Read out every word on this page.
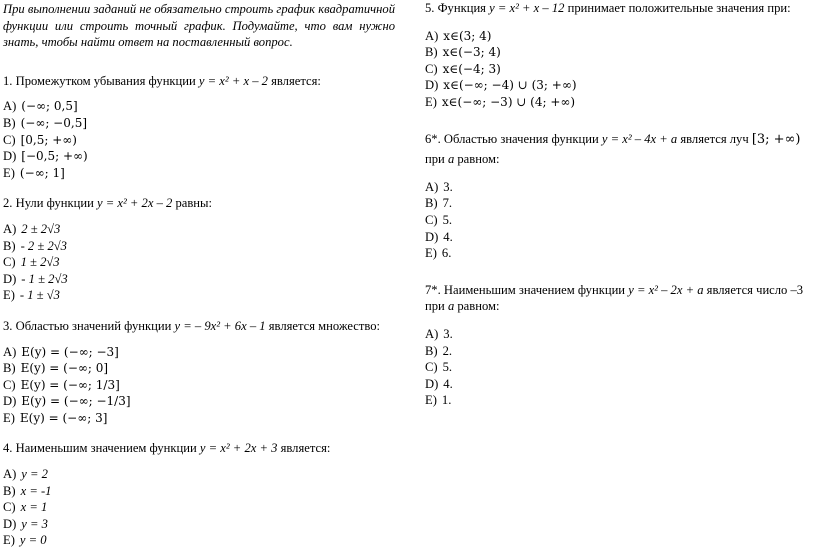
При выполнении заданий не обязательно строить график квадратичной функции или строить точный график. Подумайте, что вам нужно знать, чтобы найти ответ на поставленный вопрос.

1. Промежутком убывания функции y = x² + x – 2 является:

A) (−∞; 0,5]
B) (−∞; −0,5]
C) [0,5; +∞)
D) [−0,5; +∞)
E) (−∞; 1]

2. Нули функции y = x² + 2x – 2 равны:

A) 2 ± 2√3
B) - 2 ± 2√3
C) 1 ± 2√3
D) - 1 ± 2√3
E) - 1 ± √3

3. Областью значений функции y = – 9x² + 6x – 1 является множество:

A) E(y) = (−∞; −3]
B) E(y) = (−∞; 0]
C) E(y) = (−∞; 1/3]
D) E(y) = (−∞; −1/3]
E) E(y) = (−∞; 3]

4. Наименьшим значением функции y = x² + 2x + 3 является:

A) y = 2
B) x = -1
C) x = 1
D) y = 3
E) y = 0

5. Функция y = x² + x – 12 принимает положительные значения при:

A) x∈(3; 4)
B) x∈(−3; 4)
C) x∈(−4; 3)
D) x∈(−∞; −4) ∪ (3; +∞)
E) x∈(−∞; −3) ∪ (4; +∞)

6*. Областью значения функции y = x² – 4x + a является луч [3; +∞)

при a равном:

A) 3.
B) 7.
C) 5.
D) 4.
E) 6.

7*. Наименьшим значением функции y = x² – 2x + a является число –3

при a равном:

A) 3.
B) 2.
C) 5.
D) 4.
E) 1.
